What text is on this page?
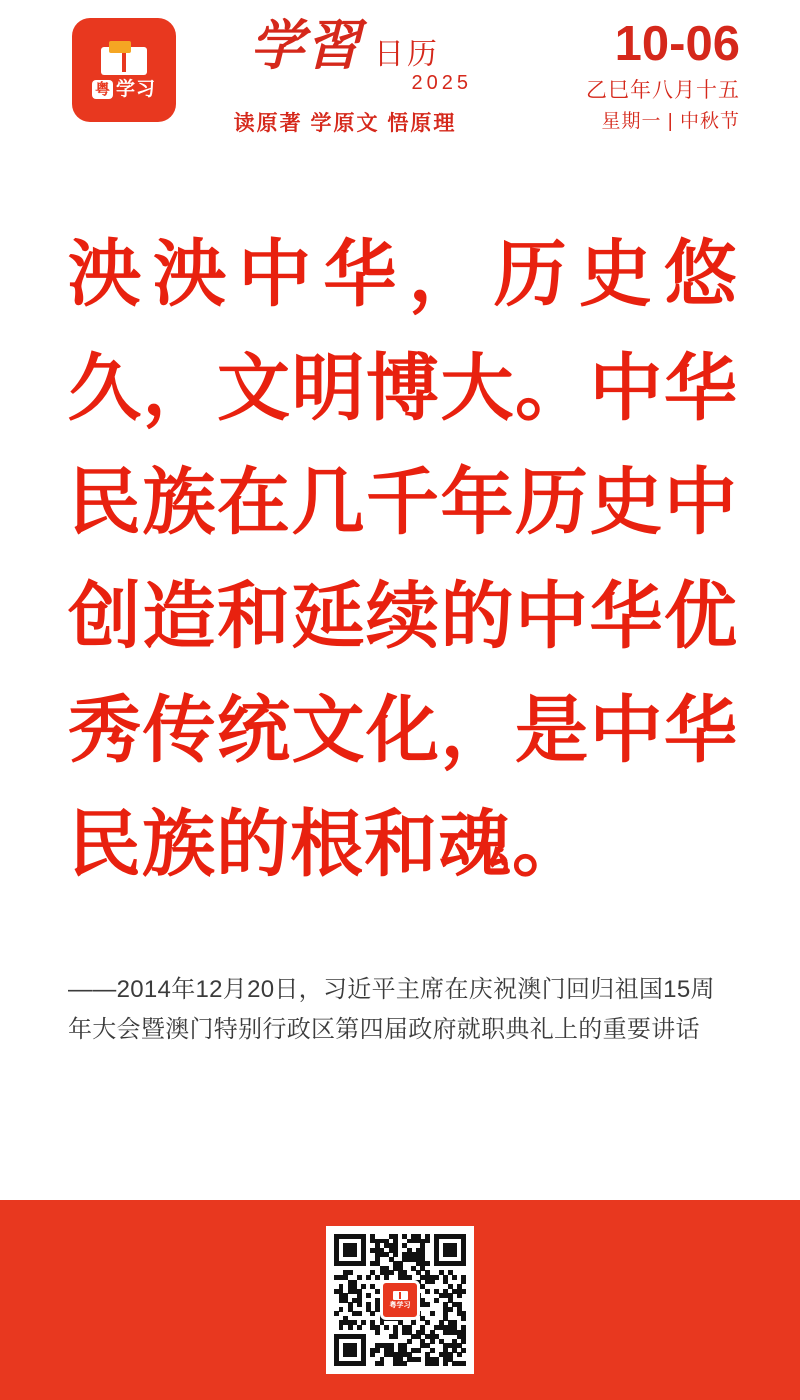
粤 学习
学習 日历
2025
读原著 学原文 悟原理
10-06
乙巳年八月十五
星期一 | 中秋节
泱泱中华，历史悠久，文明博大。中华民族在几千年历史中创造和延续的中华优秀传统文化，是中华民族的根和魂。
——2014年12月20日，习近平主席在庆祝澳门回归祖国15周年大会暨澳门特别行政区第四届政府就职典礼上的重要讲话
粤学习
